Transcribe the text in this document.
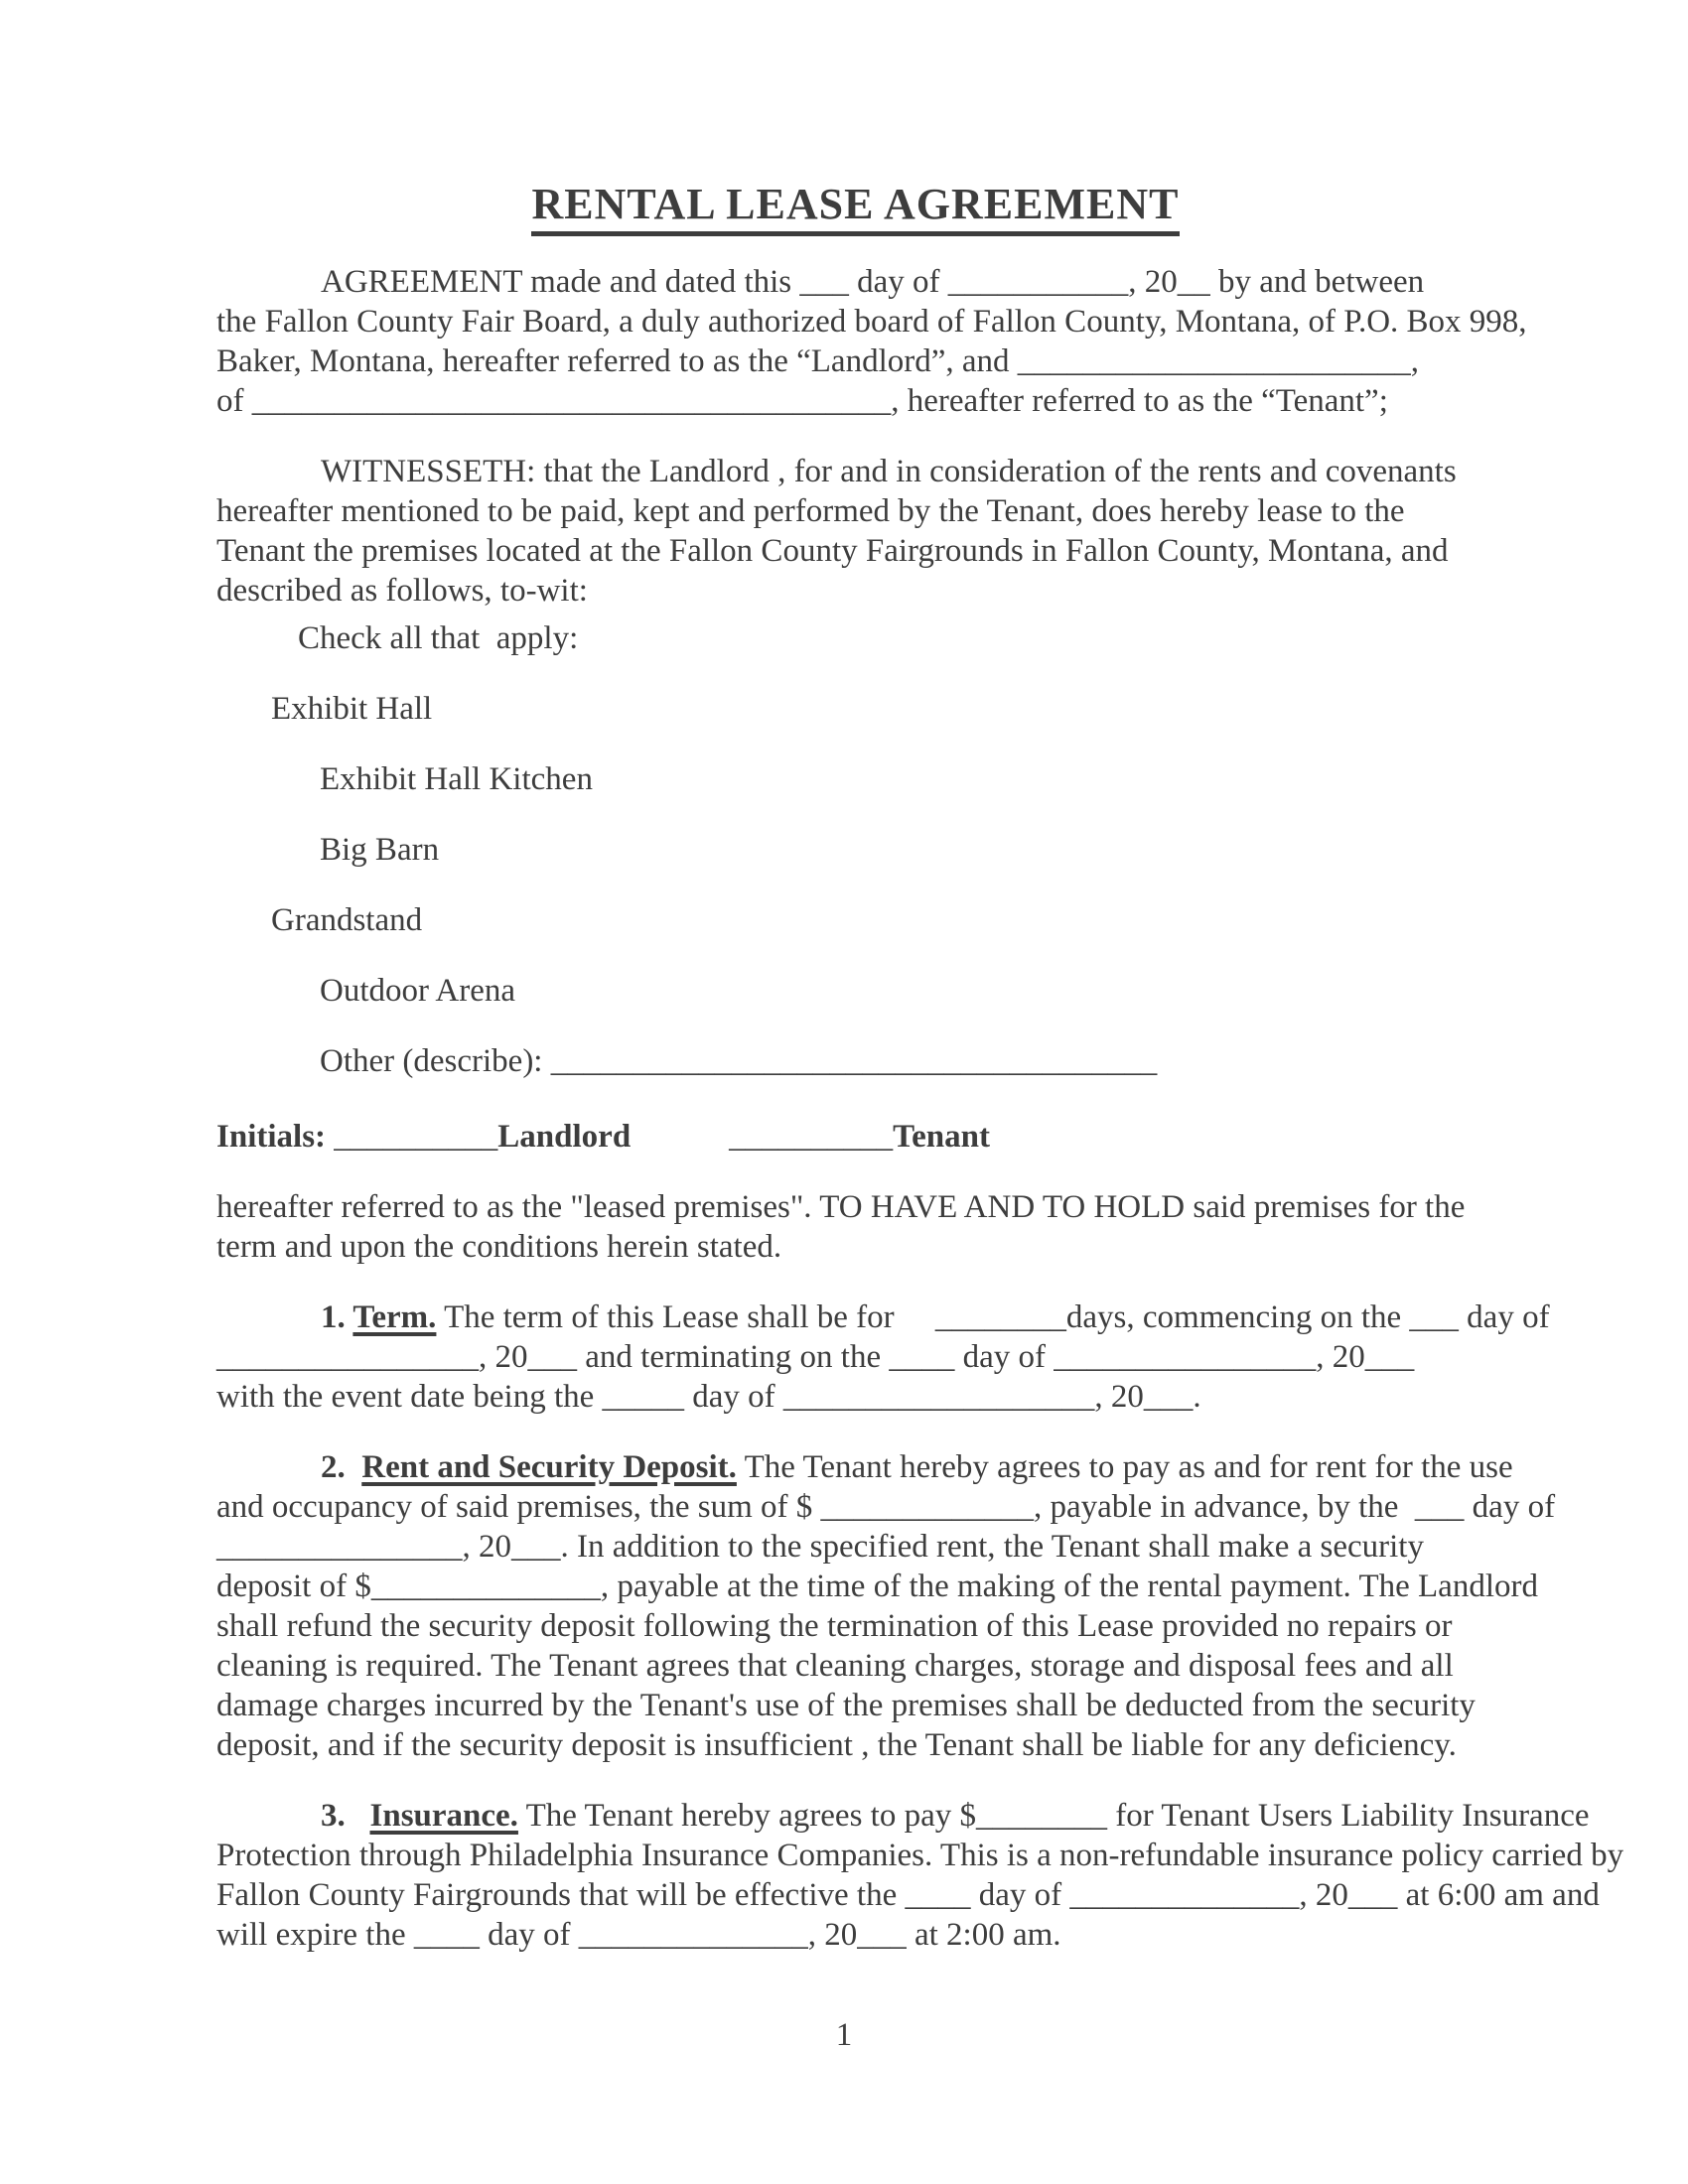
RENTAL LEASE AGREEMENT
AGREEMENT made and dated this ___ day of ___________, 20__ by and between
the Fallon County Fair Board, a duly authorized board of Fallon County, Montana, of P.O. Box 998,
Baker, Montana, hereafter referred to as the “Landlord”, and ________________________,
of _______________________________________, hereafter referred to as the “Tenant”;
WITNESSETH: that the Landlord , for and in consideration of the rents and covenants
hereafter mentioned to be paid, kept and performed by the Tenant, does hereby lease to the
Tenant the premises located at the Fallon County Fairgrounds in Fallon County, Montana, and
described as follows, to-wit:
Check all that  apply:
Exhibit Hall
Exhibit Hall Kitchen
Big Barn
Grandstand
Outdoor Arena
Other (describe): _____________________________________
Initials: __________Landlord	__________Tenant
hereafter referred to as the "leased premises". TO HAVE AND TO HOLD said premises for the
term and upon the conditions herein stated.
1. Term. The term of this Lease shall be for     ________days, commencing on the ___ day of
________________, 20___ and terminating on the ____ day of ________________, 20___
with the event date being the _____ day of ___________________, 20___.
2.  Rent and Security Deposit. The Tenant hereby agrees to pay as and for rent for the use
and occupancy of said premises, the sum of $ _____________, payable in advance, by the  ___ day of
_______________, 20___. In addition to the specified rent, the Tenant shall make a security
deposit of $______________, payable at the time of the making of the rental payment. The Landlord
shall refund the security deposit following the termination of this Lease provided no repairs or
cleaning is required. The Tenant agrees that cleaning charges, storage and disposal fees and all
damage charges incurred by the Tenant's use of the premises shall be deducted from the security
deposit, and if the security deposit is insufficient , the Tenant shall be liable for any deficiency.
3.   Insurance. The Tenant hereby agrees to pay $________ for Tenant Users Liability Insurance
Protection through Philadelphia Insurance Companies. This is a non-refundable insurance policy carried by
Fallon County Fairgrounds that will be effective the ____ day of ______________, 20___ at 6:00 am and
will expire the ____ day of ______________, 20___ at 2:00 am.
1
